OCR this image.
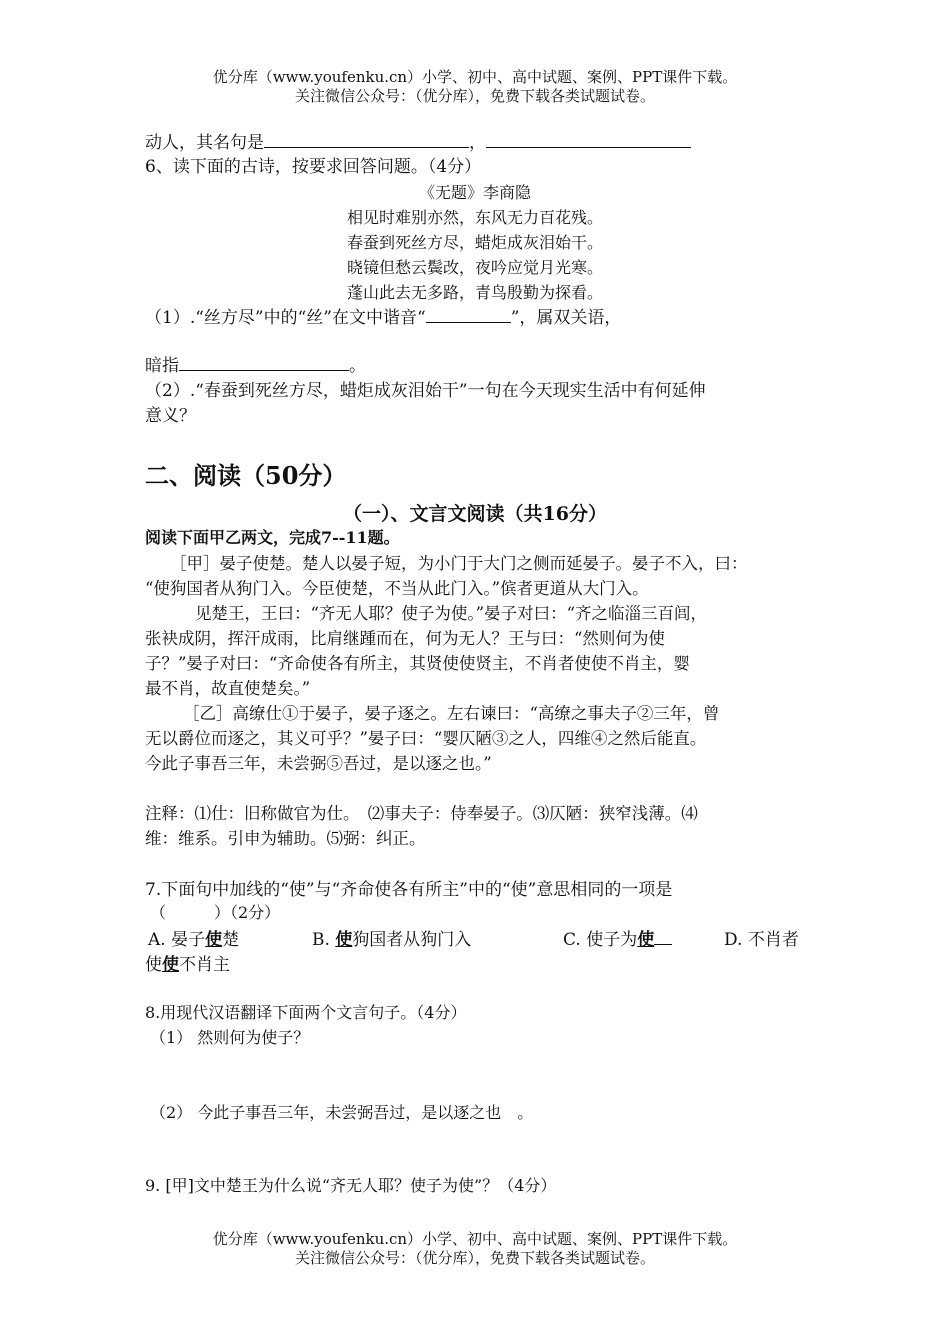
优分库（www.youfenku.cn）小学、初中、高中试题、案例、PPT课件下载。
关注微信公众号：（优分库），免费下载各类试题试卷。
动人，其名句是	，
6、读下面的古诗，按要求回答问题。（4分）
《无题》李商隐
相见时难别亦然，东风无力百花残。
春蚕到死丝方尽，蜡炬成灰泪始干。
晓镜但愁云鬓改，夜吟应觉月光寒。
蓬山此去无多路，青鸟殷勤为探看。
（1）.“丝方尽”中的“丝”在文中谐音“	”，属双关语，
暗指	。
（2）.“春蚕到死丝方尽，蜡炬成灰泪始干”一句在今天现实生活中有何延伸
意义？
二、阅读（50分）
（一）、文言文阅读（共16分）
阅读下面甲乙两文，完成7--11题。
［甲］晏子使楚。楚人以晏子短，为小门于大门之侧而延晏子。晏子不入，曰：
“使狗国者从狗门入。今臣使楚，不当从此门入。”傧者更道从大门入。
见楚王，王曰：“齐无人耶？使子为使。”晏子对曰：“齐之临淄三百闾，
张袂成阴，挥汗成雨，比肩继踵而在，何为无人？王与曰：“然则何为使
子？”晏子对曰：“齐命使各有所主，其贤使使贤主，不肖者使使不肖主，婴
最不肖，故直使楚矣。”
［乙］高缭仕①于晏子，晏子逐之。左右谏曰：“高缭之事夫子②三年，曾
无以爵位而逐之，其义可乎？”晏子曰：“婴仄陋③之人，四维④之然后能直。
今此子事吾三年，未尝弼⑤吾过，是以逐之也。”
注释：⑴仕：旧称做官为仕。　⑵事夫子：侍奉晏子。⑶仄陋：狭窄浅薄。⑷
维：维系。引申为辅助。⑸弼：纠正。
7.下面句中加线的“使”与“齐命使各有所主”中的“使”意思相同的一项是
（　　　）（2分）
A. 晏子使楚	B. 使狗国者从狗门入	C. 使子为使	D. 不肖者
使使不肖主
8.用现代汉语翻译下面两个文言句子。（4分）
（1） 然则何为使子？
（2） 今此子事吾三年，未尝弼吾过，是以逐之也　。
9. [甲]文中楚王为什么说“齐无人耶？使子为使”？（4分）
优分库（www.youfenku.cn）小学、初中、高中试题、案例、PPT课件下载。
关注微信公众号：（优分库），免费下载各类试题试卷。
